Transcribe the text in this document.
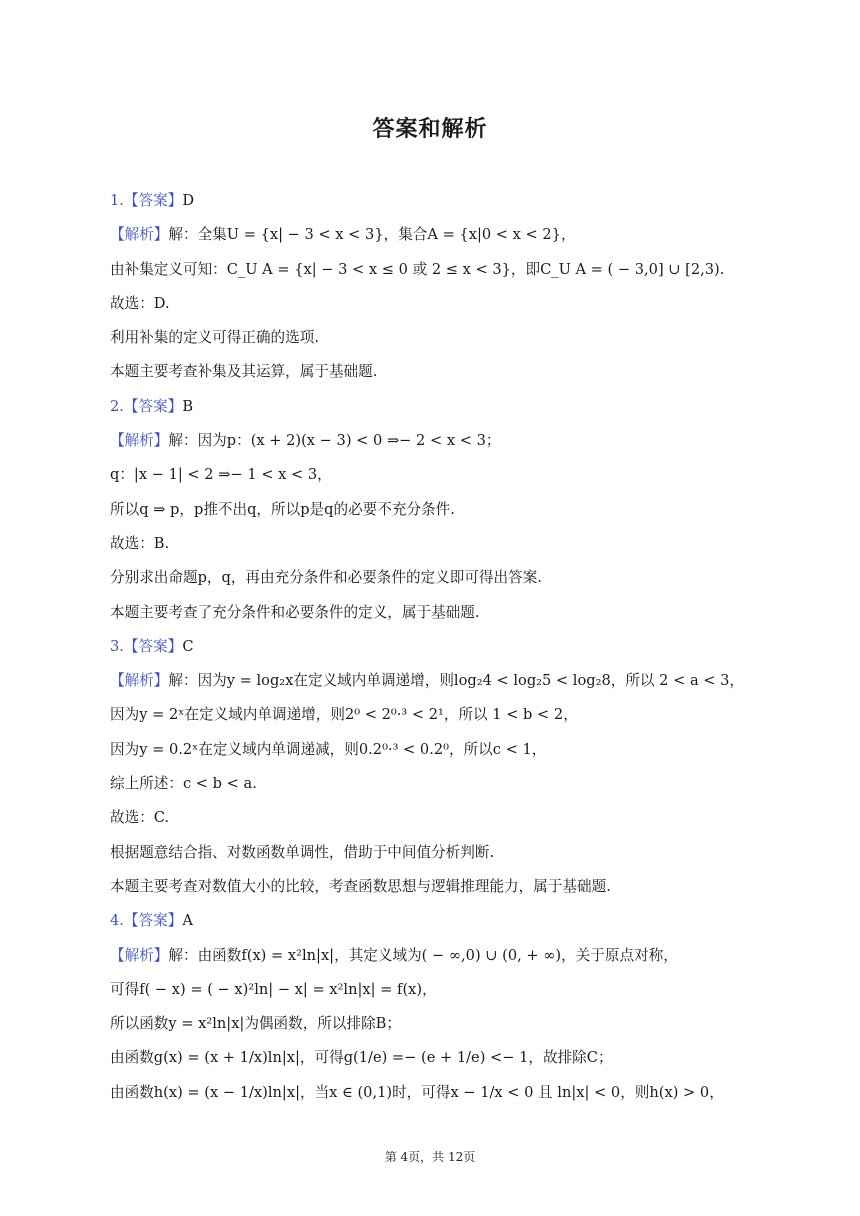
答案和解析
1.【答案】D
【解析】解：全集U = {x| − 3 < x < 3}，集合A = {x|0 < x < 2}，
由补集定义可知：C_U A = {x| − 3 < x ≤ 0 或 2 ≤ x < 3}，即C_U A = ( − 3,0] ∪ [2,3).
故选：D.
利用补集的定义可得正确的选项.
本题主要考查补集及其运算，属于基础题.
2.【答案】B
【解析】解：因为p：(x + 2)(x − 3) < 0 ⇒− 2 < x < 3；
q：|x − 1| < 2 ⇒− 1 < x < 3，
所以q ⇒ p，p推不出q，所以p是q的必要不充分条件.
故选：B.
分别求出命题p，q，再由充分条件和必要条件的定义即可得出答案.
本题主要考查了充分条件和必要条件的定义，属于基础题.
3.【答案】C
【解析】解：因为y = log₂x在定义域内单调递增，则log₂4 < log₂5 < log₂8，所以 2 < a < 3，
因为y = 2ˣ在定义域内单调递增，则2⁰ < 2⁰·³ < 2¹，所以 1 < b < 2，
因为y = 0.2ˣ在定义域内单调递减，则0.2⁰·³ < 0.2⁰，所以c < 1，
综上所述：c < b < a.
故选：C.
根据题意结合指、对数函数单调性，借助于中间值分析判断.
本题主要考查对数值大小的比较，考查函数思想与逻辑推理能力，属于基础题.
4.【答案】A
【解析】解：由函数f(x) = x²ln|x|，其定义域为( − ∞,0) ∪ (0, + ∞)，关于原点对称，
可得f( − x) = ( − x)²ln| − x| = x²ln|x| = f(x)，
所以函数y = x²ln|x|为偶函数，所以排除B；
由函数g(x) = (x + 1/x)ln|x|，可得g(1/e) =− (e + 1/e) <− 1，故排除C；
由函数h(x) = (x − 1/x)ln|x|，当x ∈ (0,1)时，可得x − 1/x < 0 且 ln|x| < 0，则h(x) > 0，
第 4页，共 12页
